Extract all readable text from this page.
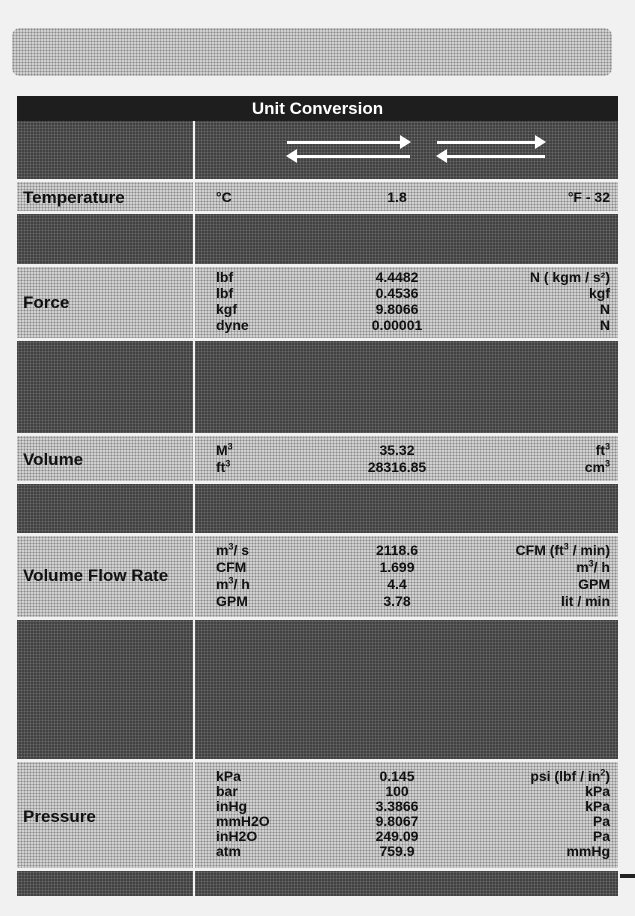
Unit Conversion
Temperature	°C	1.8	°F - 32
Force
lbf	4.4482	N ( kgm / s²)
lbf	0.4536	kgf
kgf	9.8066	N
dyne	0.00001	N
Volume	$M^3$	35.32	$ft^3$
$ft^3$	28316.85	$cm^3$
Volume Flow Rate
$m^3/$ s	2118.6	CFM $(ft^3 / \min)$
CFM	1.699	$m^3/$ h
$m^3/$ h	4.4	GPM
GPM	3.78	lit / min
Pressure
kPa	0.145	psi $(lbf / in^2)$
bar	100	kPa
inHg	3.3866	kPa
mmH2O	9.8067	Pa
inH2O	249.09	Pa
atm	759.9	mmHg
